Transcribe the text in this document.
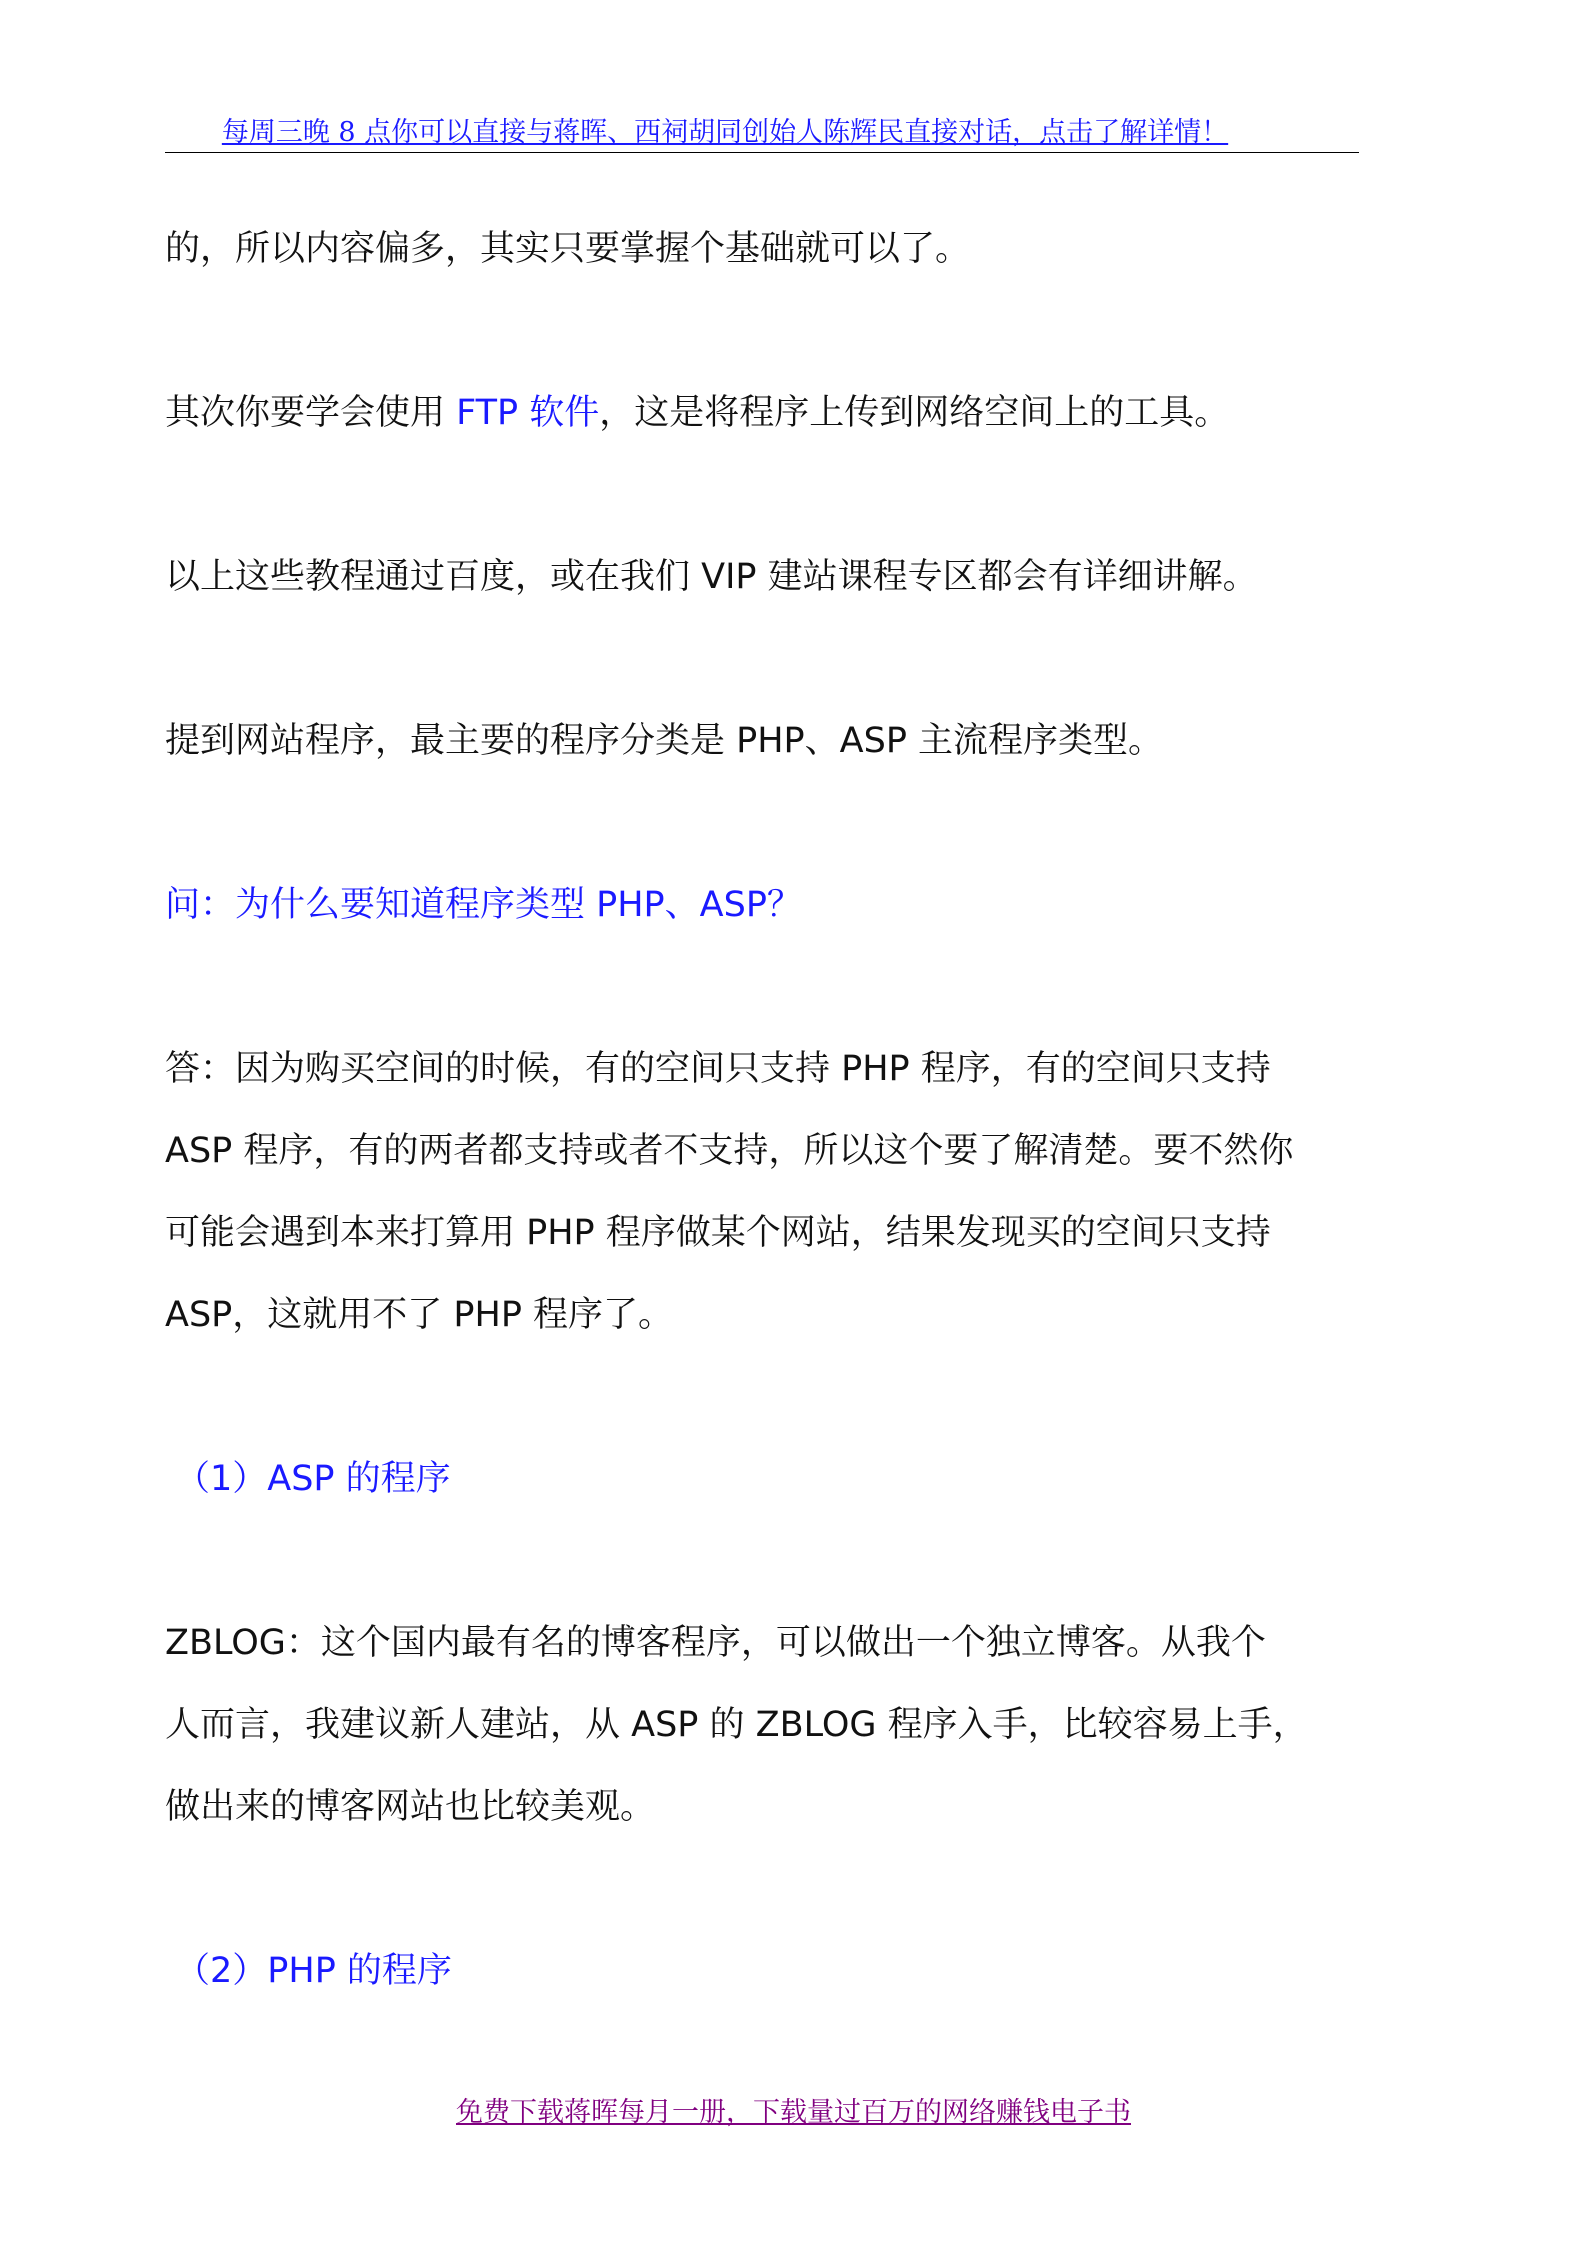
每周三晚 8 点你可以直接与蒋晖、西祠胡同创始人陈辉民直接对话，点击了解详情！

的，所以内容偏多，其实只要掌握个基础就可以了。

其次你要学会使用 FTP 软件，这是将程序上传到网络空间上的工具。

以上这些教程通过百度，或在我们 VIP 建站课程专区都会有详细讲解。

提到网站程序，最主要的程序分类是 PHP、ASP 主流程序类型。

问：为什么要知道程序类型 PHP、ASP？

答：因为购买空间的时候，有的空间只支持 PHP 程序，有的空间只支持
ASP 程序，有的两者都支持或者不支持，所以这个要了解清楚。要不然你
可能会遇到本来打算用 PHP 程序做某个网站，结果发现买的空间只支持
ASP，这就用不了 PHP 程序了。

（1）ASP 的程序

ZBLOG：这个国内最有名的博客程序，可以做出一个独立博客。从我个
人而言，我建议新人建站，从 ASP 的 ZBLOG 程序入手，比较容易上手，
做出来的博客网站也比较美观。

（2）PHP 的程序

免费下载蒋晖每月一册，下载量过百万的网络赚钱电子书
